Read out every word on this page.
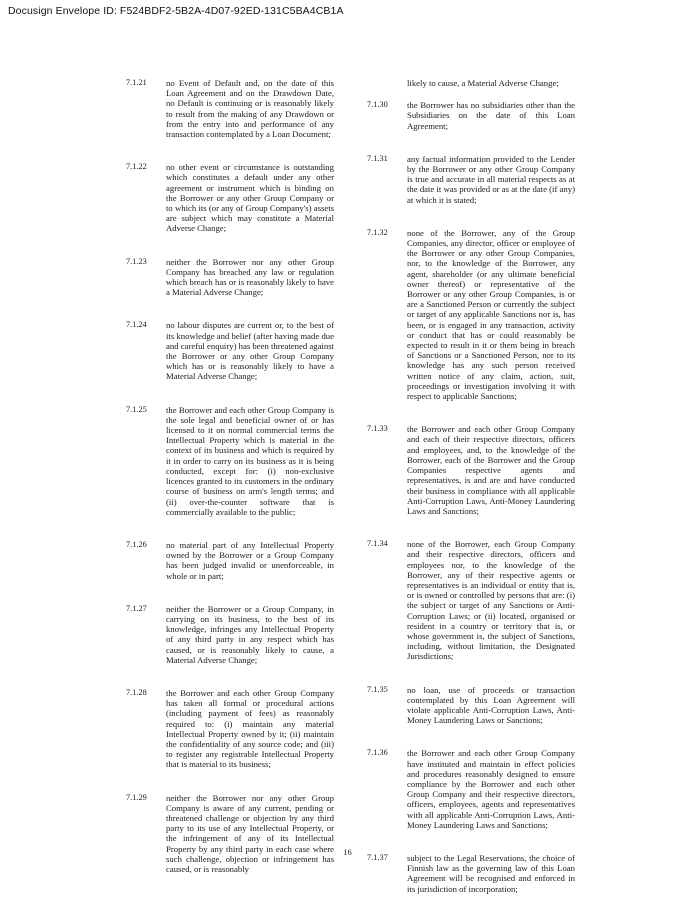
Docusign Envelope ID: F524BDF2-5B2A-4D07-92ED-131C5BA4CB1A
7.1.21 no Event of Default and, on the date of this Loan Agreement and on the Drawdown Date, no Default is continuing or is reasonably likely to result from the making of any Drawdown or from the entry into and performance of any transaction contemplated by a Loan Document;
7.1.22 no other event or circumstance is outstanding which constitutes a default under any other agreement or instrument which is binding on the Borrower or any other Group Company or to which its (or any of Group Company's) assets are subject which may constitute a Material Adverse Change;
7.1.23 neither the Borrower nor any other Group Company has breached any law or regulation which breach has or is reasonably likely to have a Material Adverse Change;
7.1.24 no labour disputes are current or, to the best of its knowledge and belief (after having made due and careful enquiry) has been threatened against the Borrower or any other Group Company which has or is reasonably likely to have a Material Adverse Change;
7.1.25 the Borrower and each other Group Company is the sole legal and beneficial owner of or has licensed to it on normal commercial terms the Intellectual Property which is material in the context of its business and which is required by it in order to carry on its business as it is being conducted, except for: (i) non-exclusive licences granted to its customers in the ordinary course of business on arm's length terms; and (ii) over-the-counter software that is commercially available to the public;
7.1.26 no material part of any Intellectual Property owned by the Borrower or a Group Company has been judged invalid or unenforceable, in whole or in part;
7.1.27 neither the Borrower or a Group Company, in carrying on its business, to the best of its knowledge, infringes any Intellectual Property of any third party in any respect which has caused, or is reasonably likely to cause, a Material Adverse Change;
7.1.28 the Borrower and each other Group Company has taken all formal or procedural actions (including payment of fees) as reasonably required to: (i) maintain any material Intellectual Property owned by it; (ii) maintain the confidentiality of any source code; and (iii) to register any registrable Intellectual Property that is material to its business;
7.1.29 neither the Borrower nor any other Group Company is aware of any current, pending or threatened challenge or objection by any third party to its use of any Intellectual Property, or the infringement of any of its Intellectual Property by any third party in each case where such challenge, objection or infringement has caused, or is reasonably
likely to cause, a Material Adverse Change;
7.1.30 the Borrower has no subsidiaries other than the Subsidiaries on the date of this Loan Agreement;
7.1.31 any factual information provided to the Lender by the Borrower or any other Group Company is true and accurate in all material respects as at the date it was provided or as at the date (if any) at which it is stated;
7.1.32 none of the Borrower, any of the Group Companies, any director, officer or employee of the Borrower or any other Group Companies, nor, to the knowledge of the Borrower, any agent, shareholder (or any ultimate beneficial owner thereof) or representative of the Borrower or any other Group Companies, is or are a Sanctioned Person or currently the subject or target of any applicable Sanctions nor is, has been, or is engaged in any transaction, activity or conduct that has or could reasonably be expected to result in it or them being in breach of Sanctions or a Sanctioned Person, nor to its knowledge has any such person received written notice of any claim, action, suit, proceedings or investigation involving it with respect to applicable Sanctions;
7.1.33 the Borrower and each other Group Company and each of their respective directors, officers and employees, and, to the knowledge of the Borrower, each of the Borrower and the Group Companies respective agents and representatives, is and are and have conducted their business in compliance with all applicable Anti-Corruption Laws, Anti-Money Laundering Laws and Sanctions;
7.1.34 none of the Borrower, each Group Company and their respective directors, officers and employees nor, to the knowledge of the Borrower, any of their respective agents or representatives is an individual or entity that is, or is owned or controlled by persons that are: (i) the subject or target of any Sanctions or Anti-Corruption Laws; or (ii) located, organised or resident in a country or territory that is, or whose government is, the subject of Sanctions, including, without limitation, the Designated Jurisdictions;
7.1.35 no loan, use of proceeds or transaction contemplated by this Loan Agreement will violate applicable Anti-Corruption Laws, Anti-Money Laundering Laws or Sanctions;
7.1.36 the Borrower and each other Group Company have instituted and maintain in effect policies and procedures reasonably designed to ensure compliance by the Borrower and each other Group Company and their respective directors, officers, employees, agents and representatives with all applicable Anti-Corruption Laws, Anti-Money Laundering Laws and Sanctions;
7.1.37 subject to the Legal Reservations, the choice of Finnish law as the governing law of this Loan Agreement will be recognised and enforced in its jurisdiction of incorporation;
16
